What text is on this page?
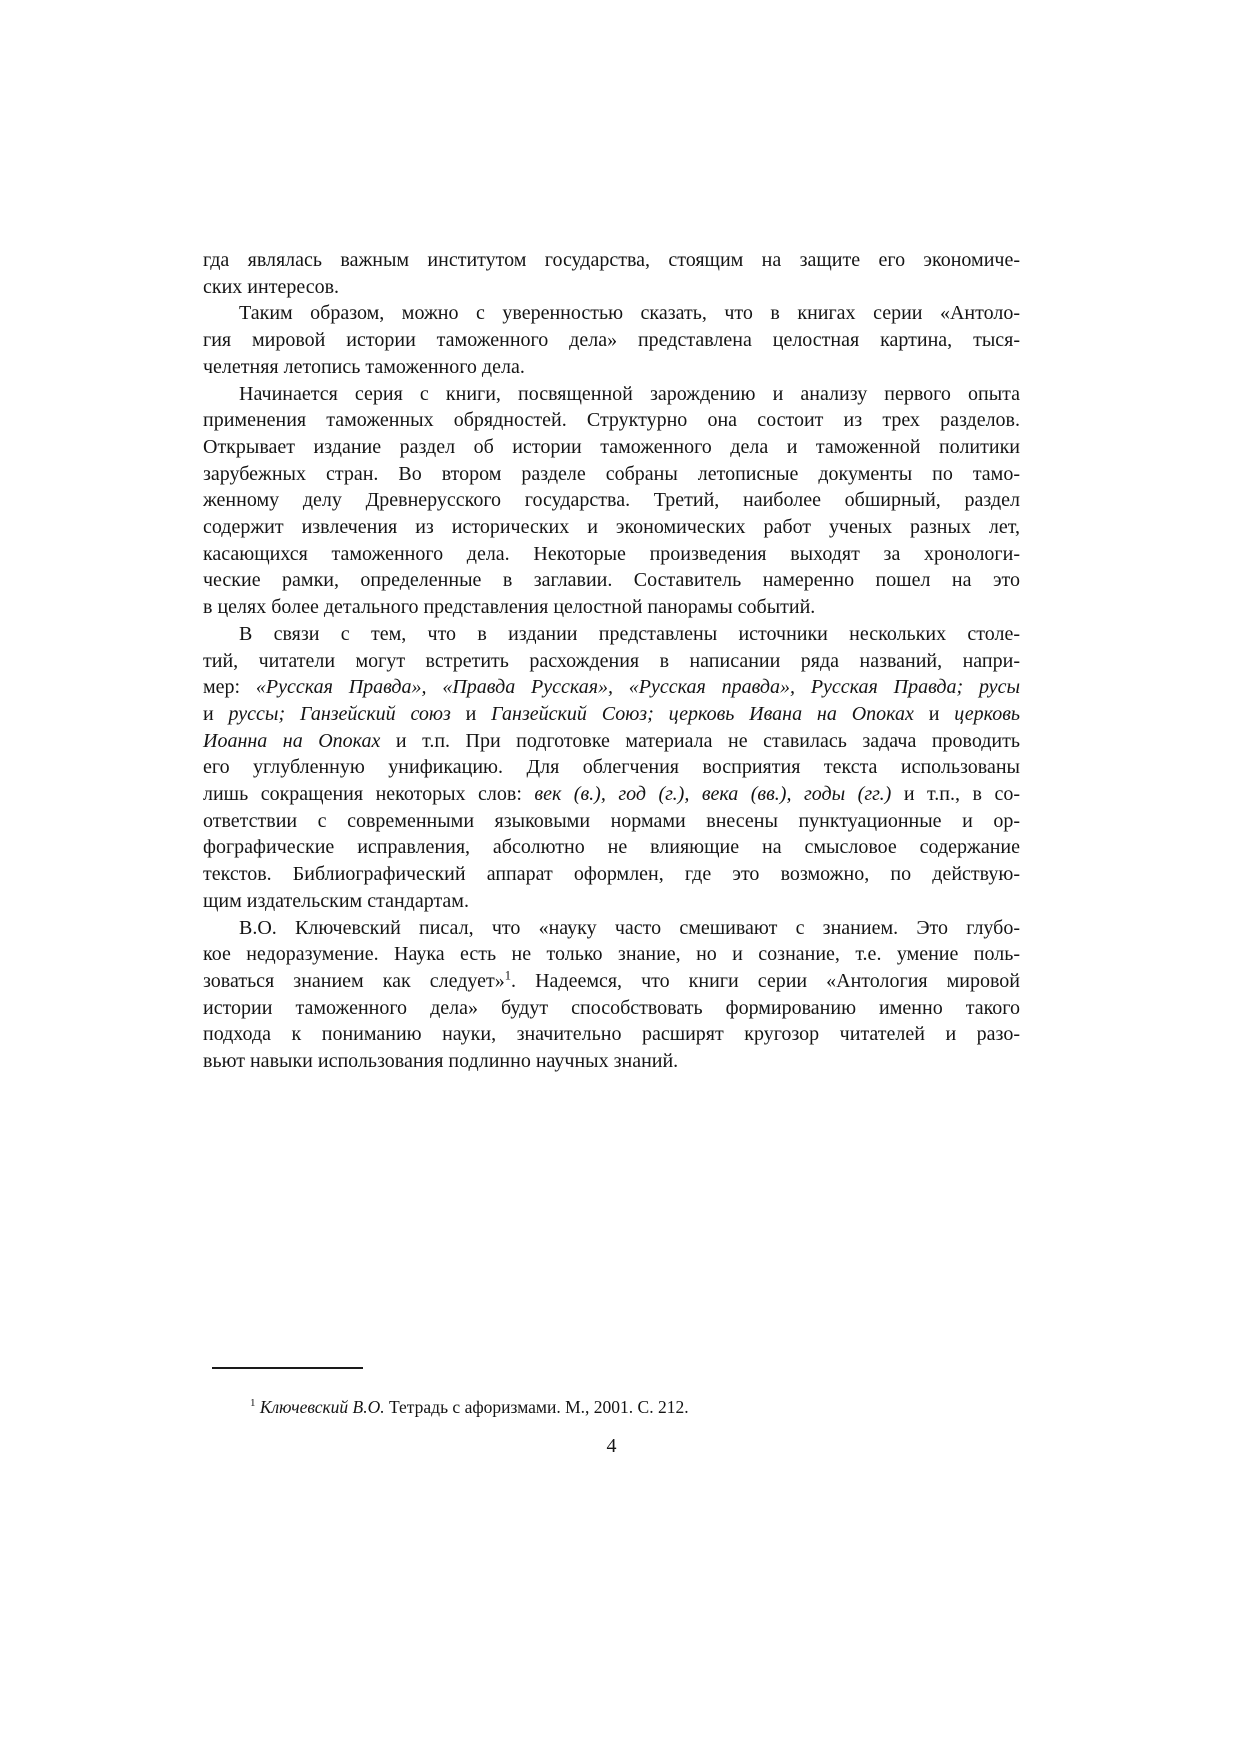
гда являлась важным институтом государства, стоящим на защите его экономиче-
ских интересов.
Таким образом, можно с уверенностью сказать, что в книгах серии «Антоло-
гия мировой истории таможенного дела» представлена целостная картина, тыся-
челетняя летопись таможенного дела.
Начинается серия с книги, посвященной зарождению и анализу первого опыта
применения таможенных обрядностей. Структурно она состоит из трех разделов.
Открывает издание раздел об истории таможенного дела и таможенной политики
зарубежных стран. Во втором разделе собраны летописные документы по тамо-
женному делу Древнерусского государства. Третий, наиболее обширный, раздел
содержит извлечения из исторических и экономических работ ученых разных лет,
касающихся таможенного дела. Некоторые произведения выходят за хронологи-
ческие рамки, определенные в заглавии. Составитель намеренно пошел на это
в целях более детального представления целостной панорамы событий.
В связи с тем, что в издании представлены источники нескольких столе-
тий, читатели могут встретить расхождения в написании ряда названий, напри-
мер: «Русская Правда», «Правда Русская», «Русская правда», Русская Правда; русы
и руссы; Ганзейский союз и Ганзейский Союз; церковь Ивана на Опоках и церковь
Иоанна на Опоках и т.п. При подготовке материала не ставилась задача проводить
его углубленную унификацию. Для облегчения восприятия текста использованы
лишь сокращения некоторых слов: век (в.), год (г.), века (вв.), годы (гг.) и т.п., в со-
ответствии с современными языковыми нормами внесены пунктуационные и ор-
фографические исправления, абсолютно не влияющие на смысловое содержание
текстов. Библиографический аппарат оформлен, где это возможно, по действую-
щим издательским стандартам.
В.О. Ключевский писал, что «науку часто смешивают с знанием. Это глубо-
кое недоразумение. Наука есть не только знание, но и сознание, т.е. умение поль-
зоваться знанием как следует»$^1$. Надеемся, что книги серии «Антология мировой
истории таможенного дела» будут способствовать формированию именно такого
подхода к пониманию науки, значительно расширят кругозор читателей и разо-
вьют навыки использования подлинно научных знаний.

$^1$ Ключевский В.О. Тетрадь с афоризмами. М., 2001. С. 212.

4
